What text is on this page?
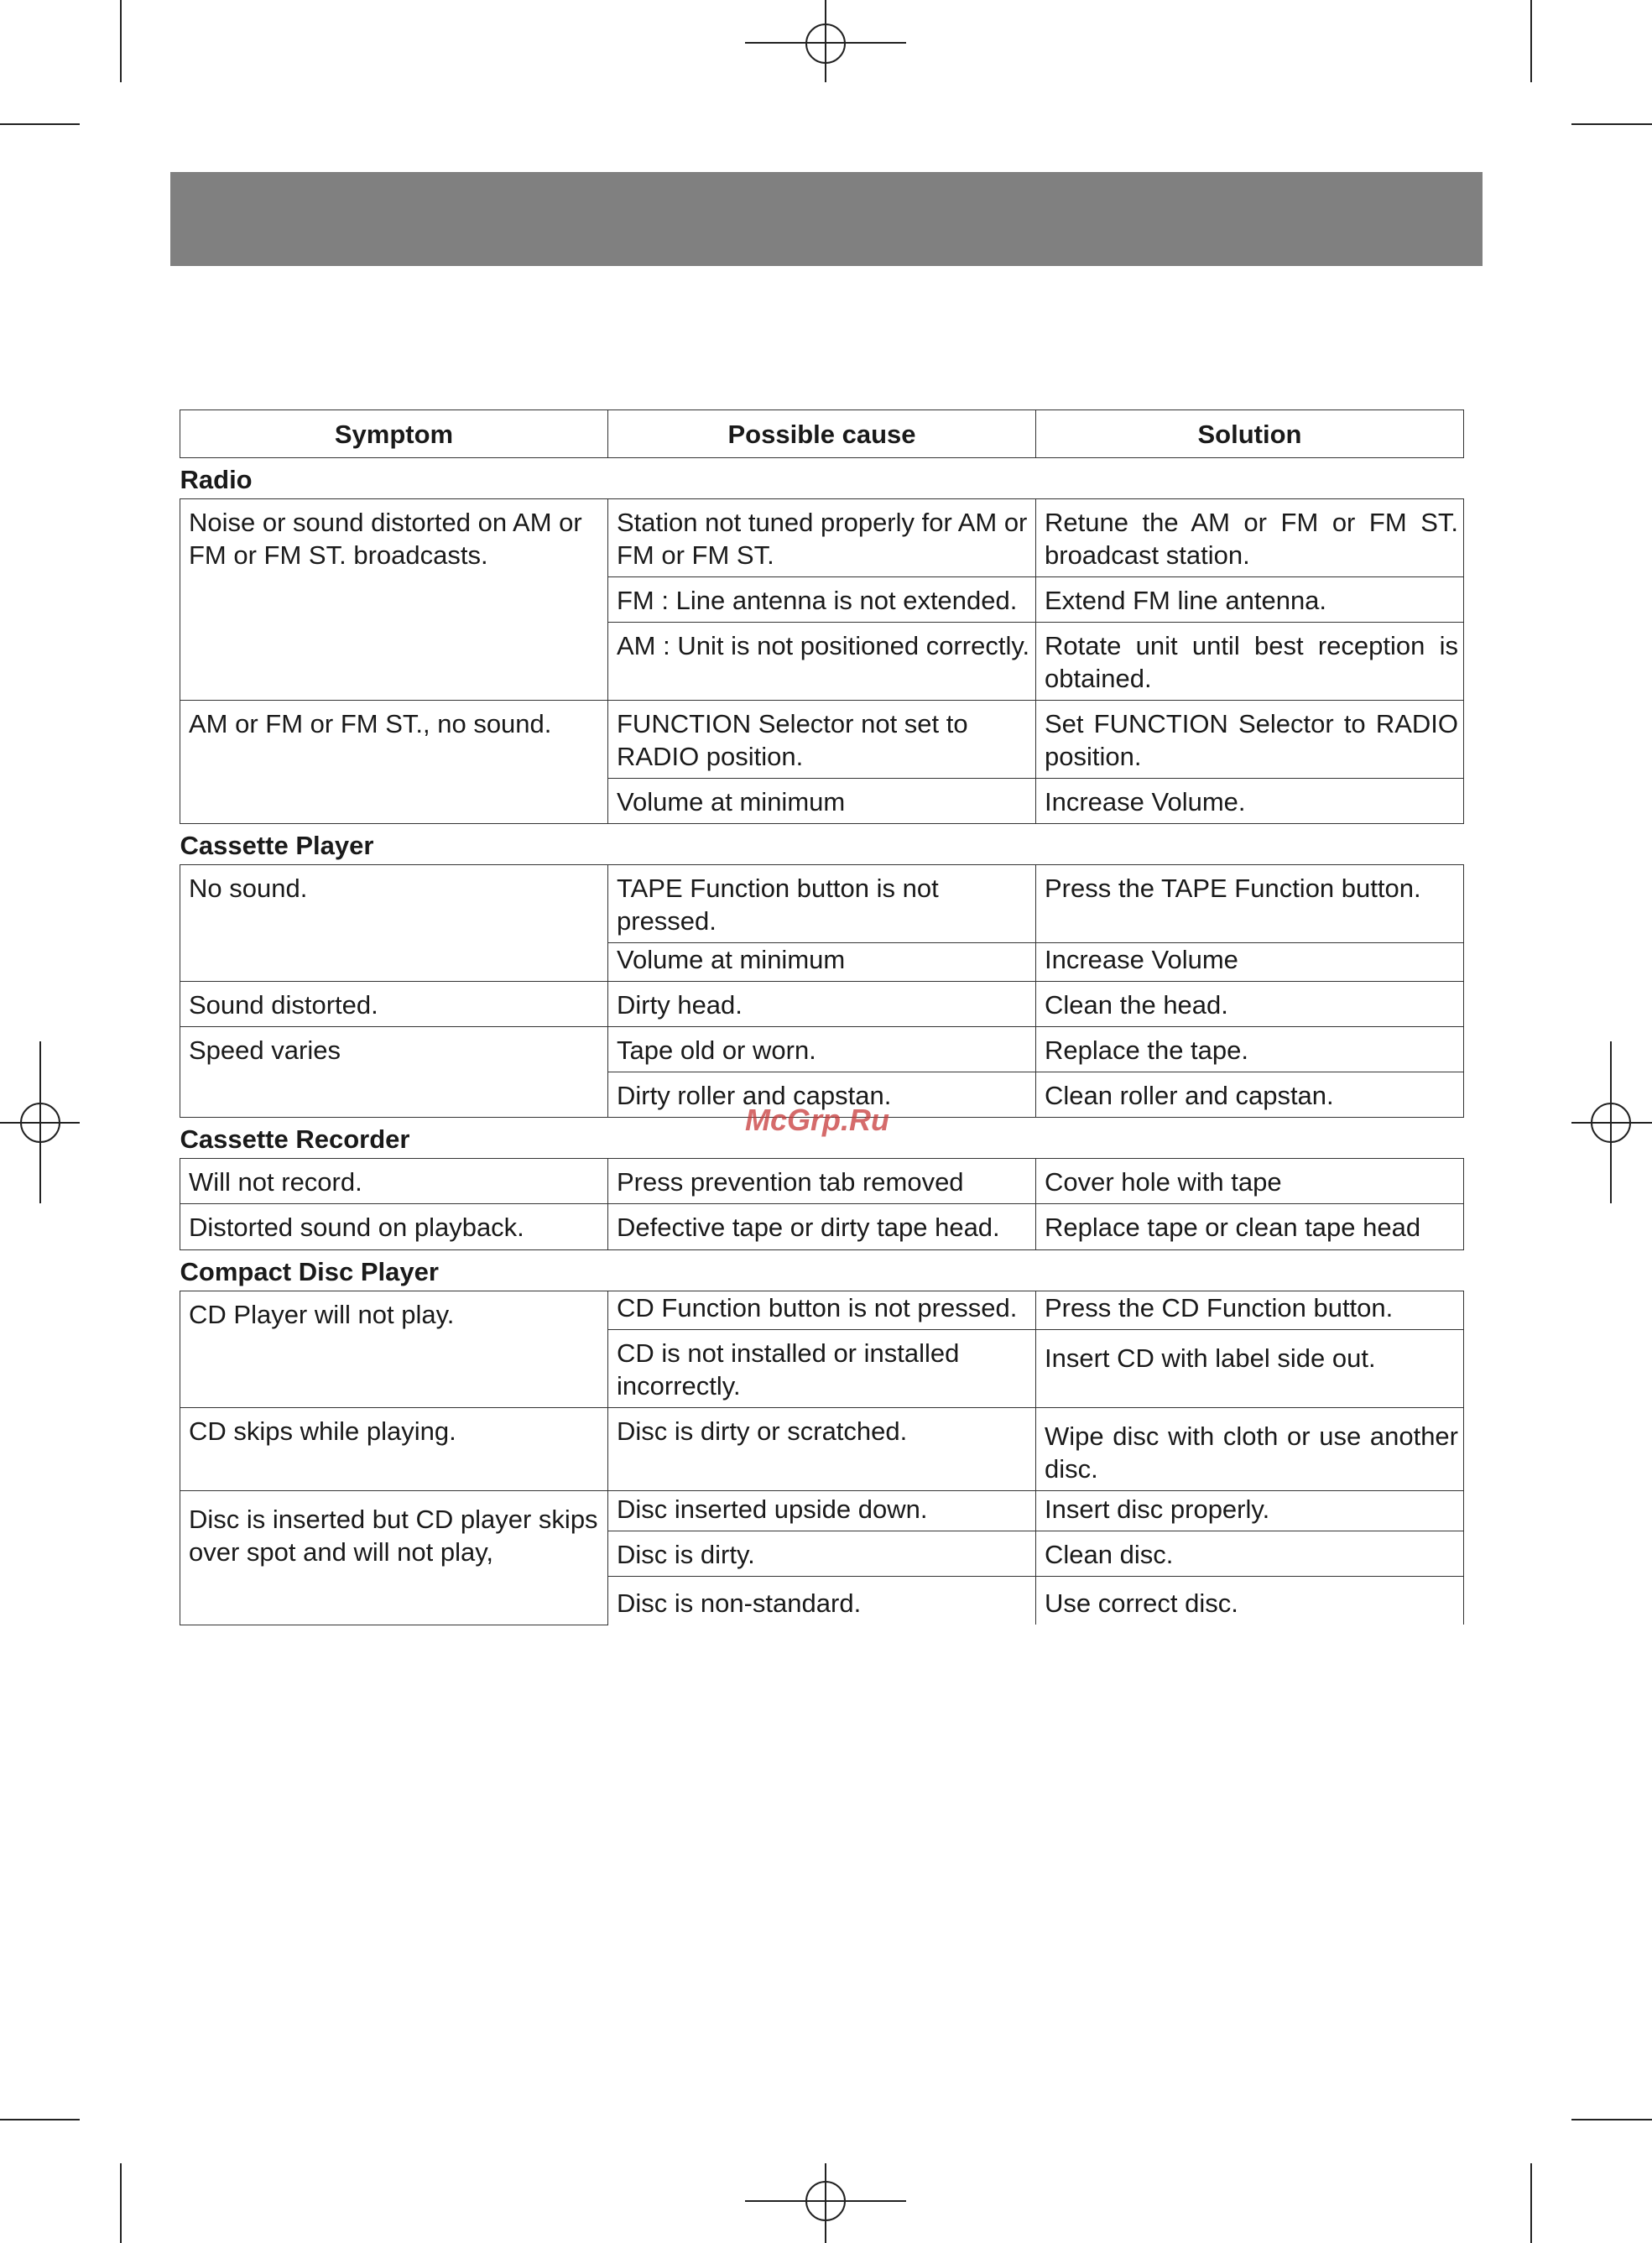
Symptom	Possible cause	Solution
Radio		
Noise or sound distorted on AM or FM or FM ST. broadcasts.	Station not tuned properly for AM or FM or FM ST.	Retune the AM or FM or FM ST. broadcast station.
	FM : Line antenna is not extended.	Extend FM line antenna.
	AM : Unit is not positioned correctly.	Rotate unit until best reception is obtained.
AM or FM or FM ST., no sound.	FUNCTION Selector not set to RADIO position.	Set FUNCTION Selector to RADIO position.
	Volume at minimum	Increase Volume.
Cassette Player		
No sound.	TAPE Function button is not pressed.	Press the TAPE Function button.
	Volume at minimum	Increase Volume
Sound distorted.	Dirty head.	Clean the head.
Speed varies	Tape old or worn.	Replace the tape.
	Dirty roller and capstan.	Clean roller and capstan.
Cassette Recorder		
Will not record.	Press prevention tab removed	Cover hole with tape
Distorted sound on playback.	Defective tape or dirty tape head.	Replace tape or clean tape head
Compact Disc Player		
CD Player will not play.	CD Function button is not pressed.	Press the CD Function button.
	CD is not installed or installed incorrectly.	Insert CD with label side out.
CD skips while playing.	Disc is dirty or scratched.	Wipe disc with cloth or use another disc.
Disc is inserted but CD player skips over spot and will not play,	Disc inserted upside down.	Insert disc properly.
	Disc is dirty.	Clean disc.
	Disc is non-standard.	Use correct disc.
McGrp.Ru
